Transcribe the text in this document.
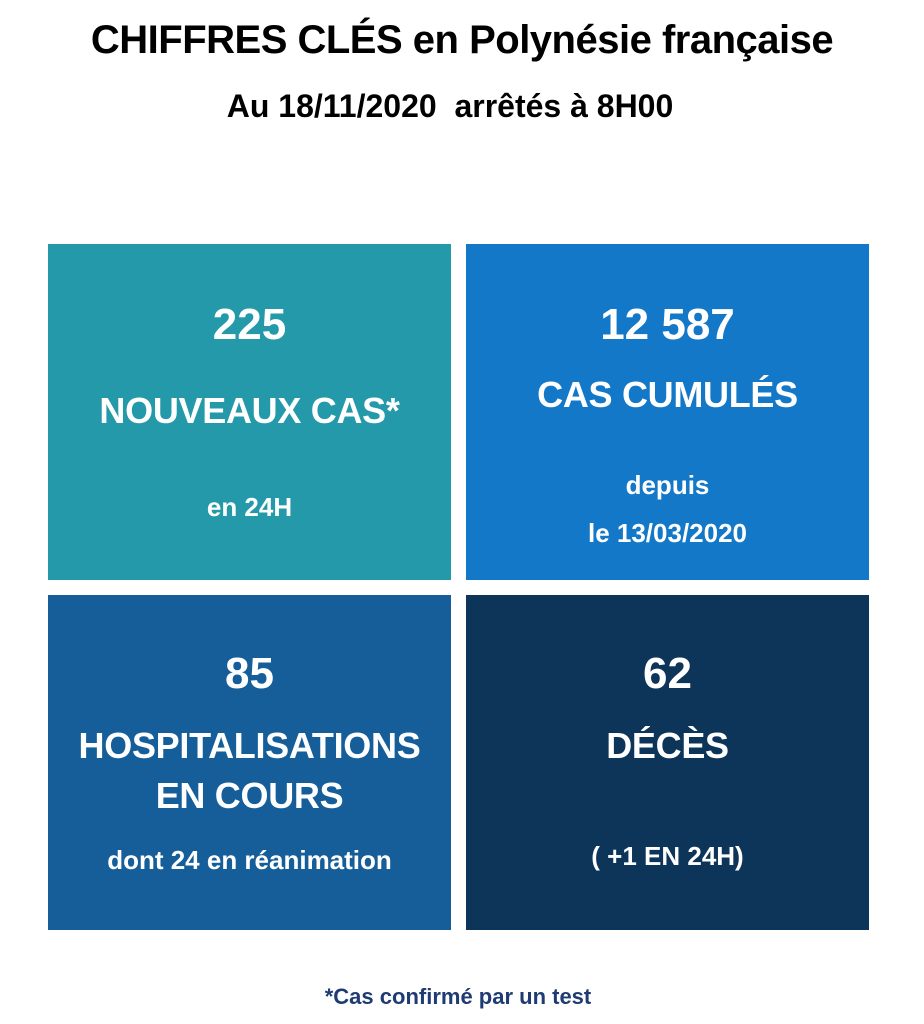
CHIFFRES CLÉS en Polynésie française
Au 18/11/2020  arrêtés à 8H00
225
NOUVEAUX CAS*
en 24H
12 587
CAS CUMULÉS
depuis
le 13/03/2020
85
HOSPITALISATIONS
EN COURS
dont 24 en réanimation
62
DÉCÈS
( +1 EN 24H)
*Cas confirmé par un test
